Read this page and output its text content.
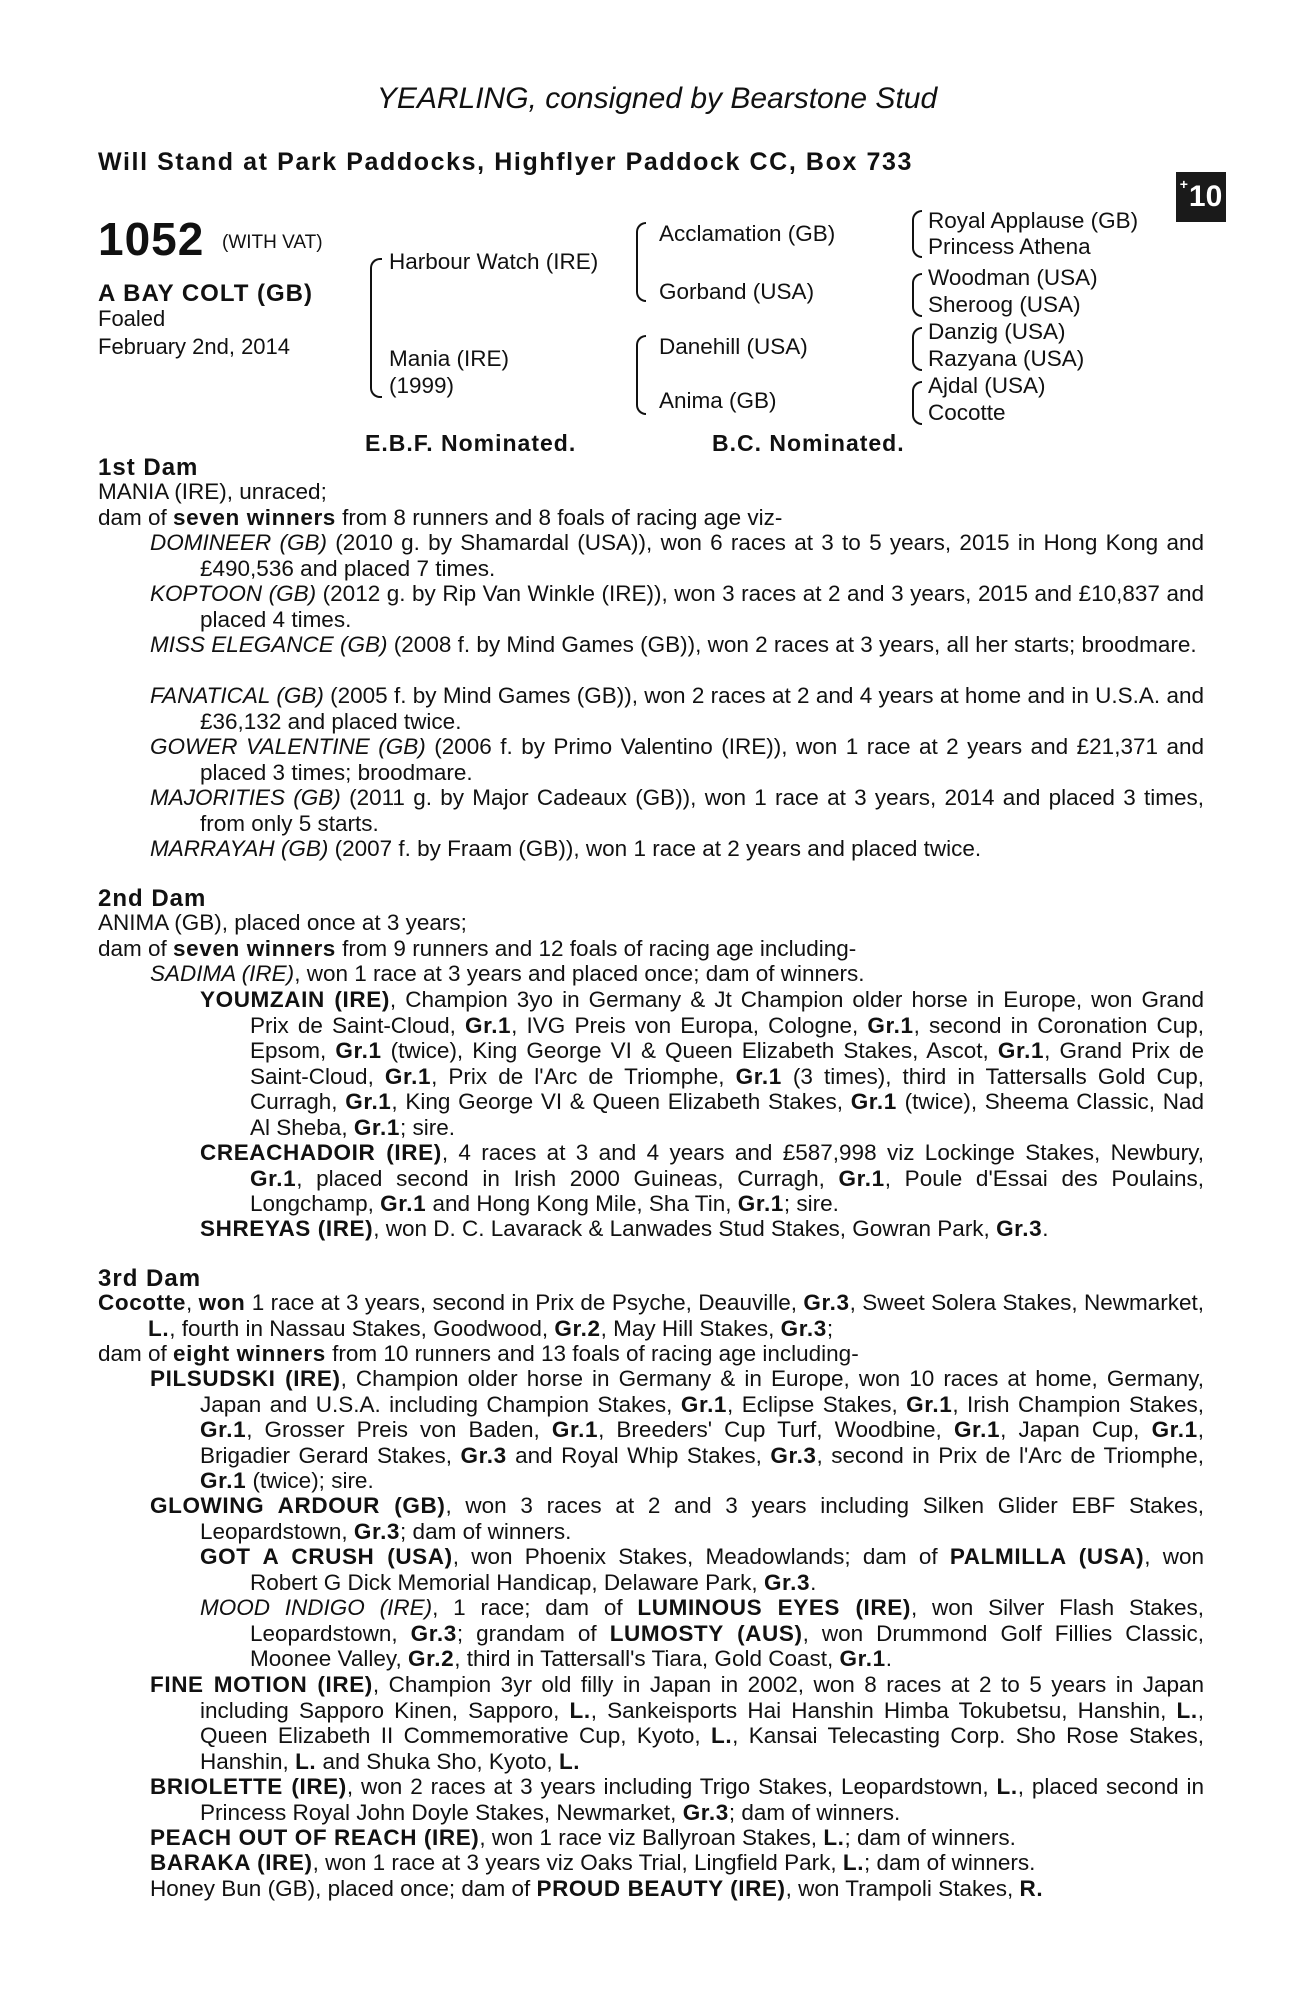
YEARLING, consigned by Bearstone Stud
Will Stand at Park Paddocks, Highflyer Paddock CC, Box 733
+ 10
1052 (WITH VAT)
A BAY COLT (GB)
Foaled
February 2nd, 2014
Harbour Watch (IRE)
Mania (IRE)
(1999)
Acclamation (GB)
Gorband (USA)
Danehill (USA)
Anima (GB)
Royal Applause (GB)
Princess Athena
Woodman (USA)
Sheroog (USA)
Danzig (USA)
Razyana (USA)
Ajdal (USA)
Cocotte
E.B.F. Nominated.	B.C. Nominated.
1st Dam
MANIA (IRE), unraced;
dam of seven winners from 8 runners and 8 foals of racing age viz-
DOMINEER (GB) (2010 g. by Shamardal (USA)), won 6 races at 3 to 5 years, 2015 in Hong Kong and £490,536 and placed 7 times.
KOPTOON (GB) (2012 g. by Rip Van Winkle (IRE)), won 3 races at 2 and 3 years, 2015 and £10,837 and placed 4 times.
MISS ELEGANCE (GB) (2008 f. by Mind Games (GB)), won 2 races at 3 years, all her starts; broodmare.
FANATICAL (GB) (2005 f. by Mind Games (GB)), won 2 races at 2 and 4 years at home and in U.S.A. and £36,132 and placed twice.
GOWER VALENTINE (GB) (2006 f. by Primo Valentino (IRE)), won 1 race at 2 years and £21,371 and placed 3 times; broodmare.
MAJORITIES (GB) (2011 g. by Major Cadeaux (GB)), won 1 race at 3 years, 2014 and placed 3 times, from only 5 starts.
MARRAYAH (GB) (2007 f. by Fraam (GB)), won 1 race at 2 years and placed twice.
2nd Dam
ANIMA (GB), placed once at 3 years;
dam of seven winners from 9 runners and 12 foals of racing age including-
SADIMA (IRE), won 1 race at 3 years and placed once; dam of winners.
YOUMZAIN (IRE), Champion 3yo in Germany & Jt Champion older horse in Europe, won Grand Prix de Saint-Cloud, Gr.1, IVG Preis von Europa, Cologne, Gr.1, second in Coronation Cup, Epsom, Gr.1 (twice), King George VI & Queen Elizabeth Stakes, Ascot, Gr.1, Grand Prix de Saint-Cloud, Gr.1, Prix de l'Arc de Triomphe, Gr.1 (3 times), third in Tattersalls Gold Cup, Curragh, Gr.1, King George VI & Queen Elizabeth Stakes, Gr.1 (twice), Sheema Classic, Nad Al Sheba, Gr.1; sire.
CREACHADOIR (IRE), 4 races at 3 and 4 years and £587,998 viz Lockinge Stakes, Newbury, Gr.1, placed second in Irish 2000 Guineas, Curragh, Gr.1, Poule d'Essai des Poulains, Longchamp, Gr.1 and Hong Kong Mile, Sha Tin, Gr.1; sire.
SHREYAS (IRE), won D. C. Lavarack & Lanwades Stud Stakes, Gowran Park, Gr.3.
3rd Dam
Cocotte, won 1 race at 3 years, second in Prix de Psyche, Deauville, Gr.3, Sweet Solera Stakes, Newmarket, L., fourth in Nassau Stakes, Goodwood, Gr.2, May Hill Stakes, Gr.3;
dam of eight winners from 10 runners and 13 foals of racing age including-
PILSUDSKI (IRE), Champion older horse in Germany & in Europe, won 10 races at home, Germany, Japan and U.S.A. including Champion Stakes, Gr.1, Eclipse Stakes, Gr.1, Irish Champion Stakes, Gr.1, Grosser Preis von Baden, Gr.1, Breeders' Cup Turf, Woodbine, Gr.1, Japan Cup, Gr.1, Brigadier Gerard Stakes, Gr.3 and Royal Whip Stakes, Gr.3, second in Prix de l'Arc de Triomphe, Gr.1 (twice); sire.
GLOWING ARDOUR (GB), won 3 races at 2 and 3 years including Silken Glider EBF Stakes, Leopardstown, Gr.3; dam of winners.
GOT A CRUSH (USA), won Phoenix Stakes, Meadowlands; dam of PALMILLA (USA), won Robert G Dick Memorial Handicap, Delaware Park, Gr.3.
MOOD INDIGO (IRE), 1 race; dam of LUMINOUS EYES (IRE), won Silver Flash Stakes, Leopardstown, Gr.3; grandam of LUMOSTY (AUS), won Drummond Golf Fillies Classic, Moonee Valley, Gr.2, third in Tattersall's Tiara, Gold Coast, Gr.1.
FINE MOTION (IRE), Champion 3yr old filly in Japan in 2002, won 8 races at 2 to 5 years in Japan including Sapporo Kinen, Sapporo, L., Sankeisports Hai Hanshin Himba Tokubetsu, Hanshin, L., Queen Elizabeth II Commemorative Cup, Kyoto, L., Kansai Telecasting Corp. Sho Rose Stakes, Hanshin, L. and Shuka Sho, Kyoto, L.
BRIOLETTE (IRE), won 2 races at 3 years including Trigo Stakes, Leopardstown, L., placed second in Princess Royal John Doyle Stakes, Newmarket, Gr.3; dam of winners.
PEACH OUT OF REACH (IRE), won 1 race viz Ballyroan Stakes, L.; dam of winners.
BARAKA (IRE), won 1 race at 3 years viz Oaks Trial, Lingfield Park, L.; dam of winners.
Honey Bun (GB), placed once; dam of PROUD BEAUTY (IRE), won Trampoli Stakes, R.
